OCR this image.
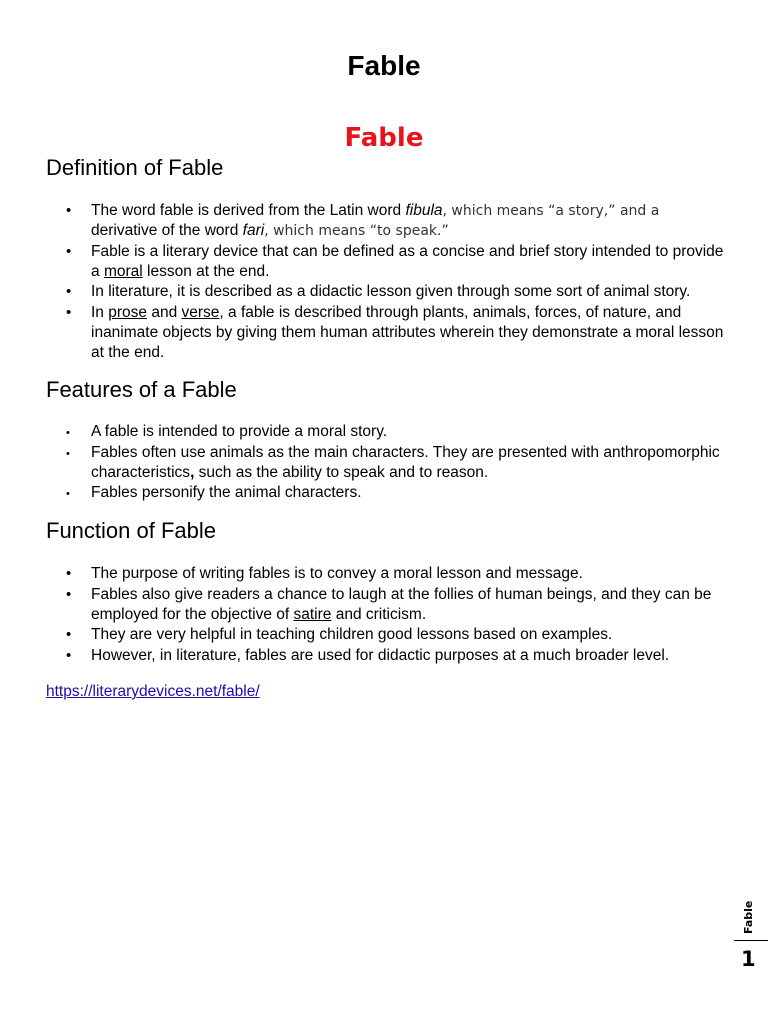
Fable
Fable
Definition of Fable
• The word fable is derived from the Latin word fibula, which means “a story,” and a
derivative of the word fari, which means “to speak.”
• Fable is a literary device that can be defined as a concise and brief story intended to provide a moral lesson at the end.
• In literature, it is described as a didactic lesson given through some sort of animal story.
• In prose and verse, a fable is described through plants, animals, forces, of nature, and inanimate objects by giving them human attributes wherein they demonstrate a moral lesson at the end.
Features of a Fable
• A fable is intended to provide a moral story.
• Fables often use animals as the main characters. They are presented with anthropomorphic characteristics, such as the ability to speak and to reason.
• Fables personify the animal characters.
Function of Fable
• The purpose of writing fables is to convey a moral lesson and message.
• Fables also give readers a chance to laugh at the follies of human beings, and they can be employed for the objective of satire and criticism.
• They are very helpful in teaching children good lessons based on examples.
• However, in literature, fables are used for didactic purposes at a much broader level.
https://literarydevices.net/fable/
Fable
1
